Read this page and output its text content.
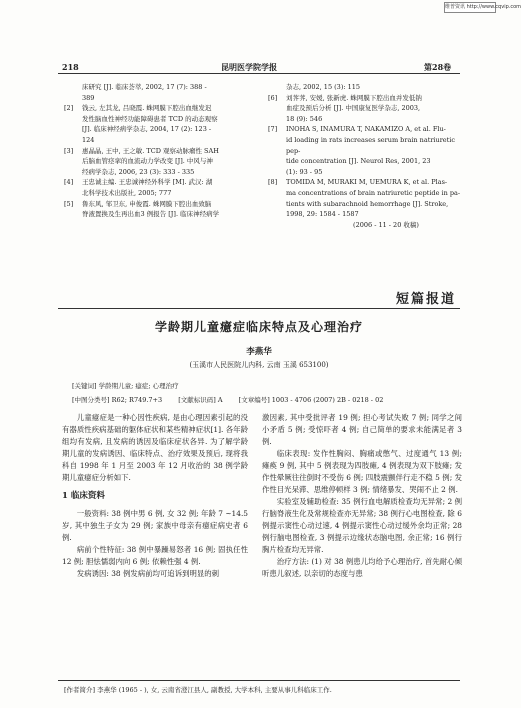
维普资讯 http://www.cqvip.com
218	昆明医学院学报	第28卷
床研究 [J]. 临床荟萃, 2002, 17 (7): 388 -
389
[2]	钱云, 左其龙, 吕晓霞. 蛛网膜下腔出血继发迟
发性脑血性神经功能障碍患者 TCD 的动态观察
[J]. 临床神经病学杂志, 2004, 17 (2): 123 -
124
[3]	惠晶晶, 王中, 王之敏. TCD 观察动脉瘤性 SAH
后脑血管痉挛的血流动力学改变 [J]. 中风与神
经病学杂志, 2006, 23 (3): 333 - 335
[4]	王忠诚主编. 王忠诚神经外科学 [M]. 武汉: 湖
北科学技术出版社, 2005; 777
[5]	鲁东风, 邹卫东, 申俊霞. 蛛网膜下腔出血致脑
脊液置换及生再出血3 例报告 [J]. 临床神经病学
杂志, 2002, 15 (3): 115
[6]	刘荠荠, 安媛, 张新虎. 蛛网膜下腔出血并发低钠
血症及预后分析 [J]. 中国康复医学杂志, 2003,
18 (9): 546
[7]	INOHA S, INAMURA T, NAKAMIZO A, et al. Flu-
id loading in rats increases serum brain natriuretic pep-
tide concentration [J]. Neurol Res, 2001, 23
(1): 93 - 95
[8]	TOMIDA M, MURAKI M, UEMURA K, et al. Plas-
ma concentrations of brain natriuretic peptide in pa-
tients with subarachnoid hemorrhage [J]. Stroke,
1998, 29: 1584 - 1587
(2006 - 11 - 20 收稿)
短篇报道
学龄期儿童癔症临床特点及心理治疗
李燕华
(玉溪市人民医院儿内科, 云南 玉溪 653100)
[关键词] 学龄期儿童; 癔症; 心理治疗
[中图分类号] R62; R749.7+3 [文献标识码] A [文章编号] 1003 - 4706 (2007) 2B - 0218 - 02

儿童癔症是一种心因性疾病, 是由心理因素引起的没有器质性疾病基础的躯体症状和某些精神症状[1]. 各年龄组均有发病, 且发病的诱因及临床症状各异. 为了解学龄期儿童的发病诱因、临床特点、治疗效果及预后, 现将我科自 1998 年 1 月至 2003 年 12 月收治的 38 例学龄期儿童癔症分析如下.

1 临床资料

一般资料: 38 例中男 6 例, 女 32 例; 年龄 7 ~14.5 岁, 其中独生子女为 29 例; 家族中母亲有癔症病史者 6 例.

病前个性特征: 38 例中暴躁易怒者 16 例; 固执任性 12 例; 胆怯懦弱内向 6 例; 依赖性强 4 例.

发病诱因: 38 例发病前均可追诉到明显的刺

激因素, 其中受批评者 19 例; 担心考试失败 7 例; 同学之间小矛盾 5 例; 受惊吓者 4 例; 自己简单的要求未能满足者 3 例.

临床表现: 发作性胸闷、胸痛或憋气、过度通气 13 例; 瘫痪 9 例, 其中 5 例表现为四肢瘫, 4 例表现为双下肢瘫; 发作性晕厥往往倒时不受伤 6 例; 四肢震颤伴行走不稳 5 例; 发作性目光呆滞、思维停顿样 3 例; 情绪暴发、哭闹不止 2 例.

实验室及辅助检查: 35 例行血电解质检查均无异常; 2 例行脑脊液生化及常规检查亦无异常; 38 例行心电图检查, 除 6 例提示窦性心动过速, 4 例提示窦性心动过缓外余均正常; 28 例行脑电图检查, 3 例提示边缘状态脑电图, 余正常; 16 例行胸片检查均无异常.

治疗方法: (1) 对 38 例患儿均给予心理治疗, 首先耐心倾听患儿叙述, 以亲切的态度与患

[作者简介] 李燕华 (1965 - ), 女, 云南省澄江县人, 副教授, 大学本科, 主要从事儿科临床工作.
